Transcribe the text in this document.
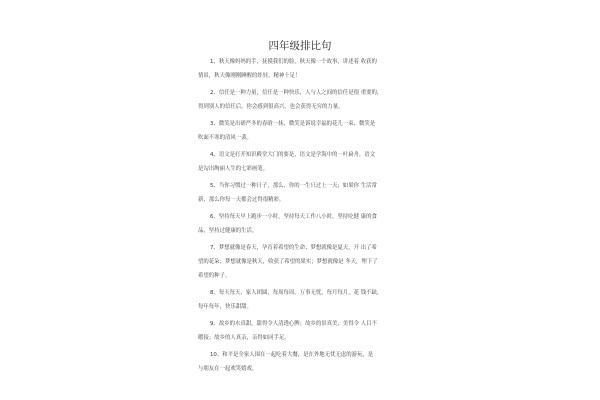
四年级排比句
1、秋天像妈妈的手，抚摸我们的脸，秋天像一个故事，讲述着 收获的
情景，秋天像刚刚睡醒的娃娃，精神十足！
2、信任是一种力量，信任是一种快乐，人与人之间的信任是很 重要的，
得到别人的信任后，你会感到很高兴，也会获得无穷的力量。
3、微笑是出磋严冬的春晗一抹，微笑是诉说幸福的花儿一束，微笑是
吹面不寒的清风一袭。
4、语文是打开知识殿堂大门的要是，语文是学海中的一叶扁舟，语文
是勾出绚丽人生的七彩画笔。
5、当你习惯过一种日子，那么，你的一生只过上一天；如果你 生活常
新，那么你每一天都会过得很精彩。
6、坚持每天早上跑步一小时，坚持每天工作八小时，坚持吃健 康的食
品，坚持过健康的生活。
7、梦想就像是春天，孕育着希望的生命；梦想就像是夏天，开 出了希
望的花朵；梦想就像是秋天，收获了希望的果实；梦想就像是 冬天，埋下了
希望的种子。
8、每天每天，家人团圆，每周每周，万事无忧，每月每月，花 钱不缺，
每年每年，快乐甜甜。
9、故乡的水真甜，甜得令人清透心脾；故乡的景真美，美得令 人目不
暇接；故乡的人真亲，亲得如同手足。
10、和平是全家人围在一起吃着大餐，是在外地无忧无虑的游玩，是
与朋友在一起欢笑嬉戏。
